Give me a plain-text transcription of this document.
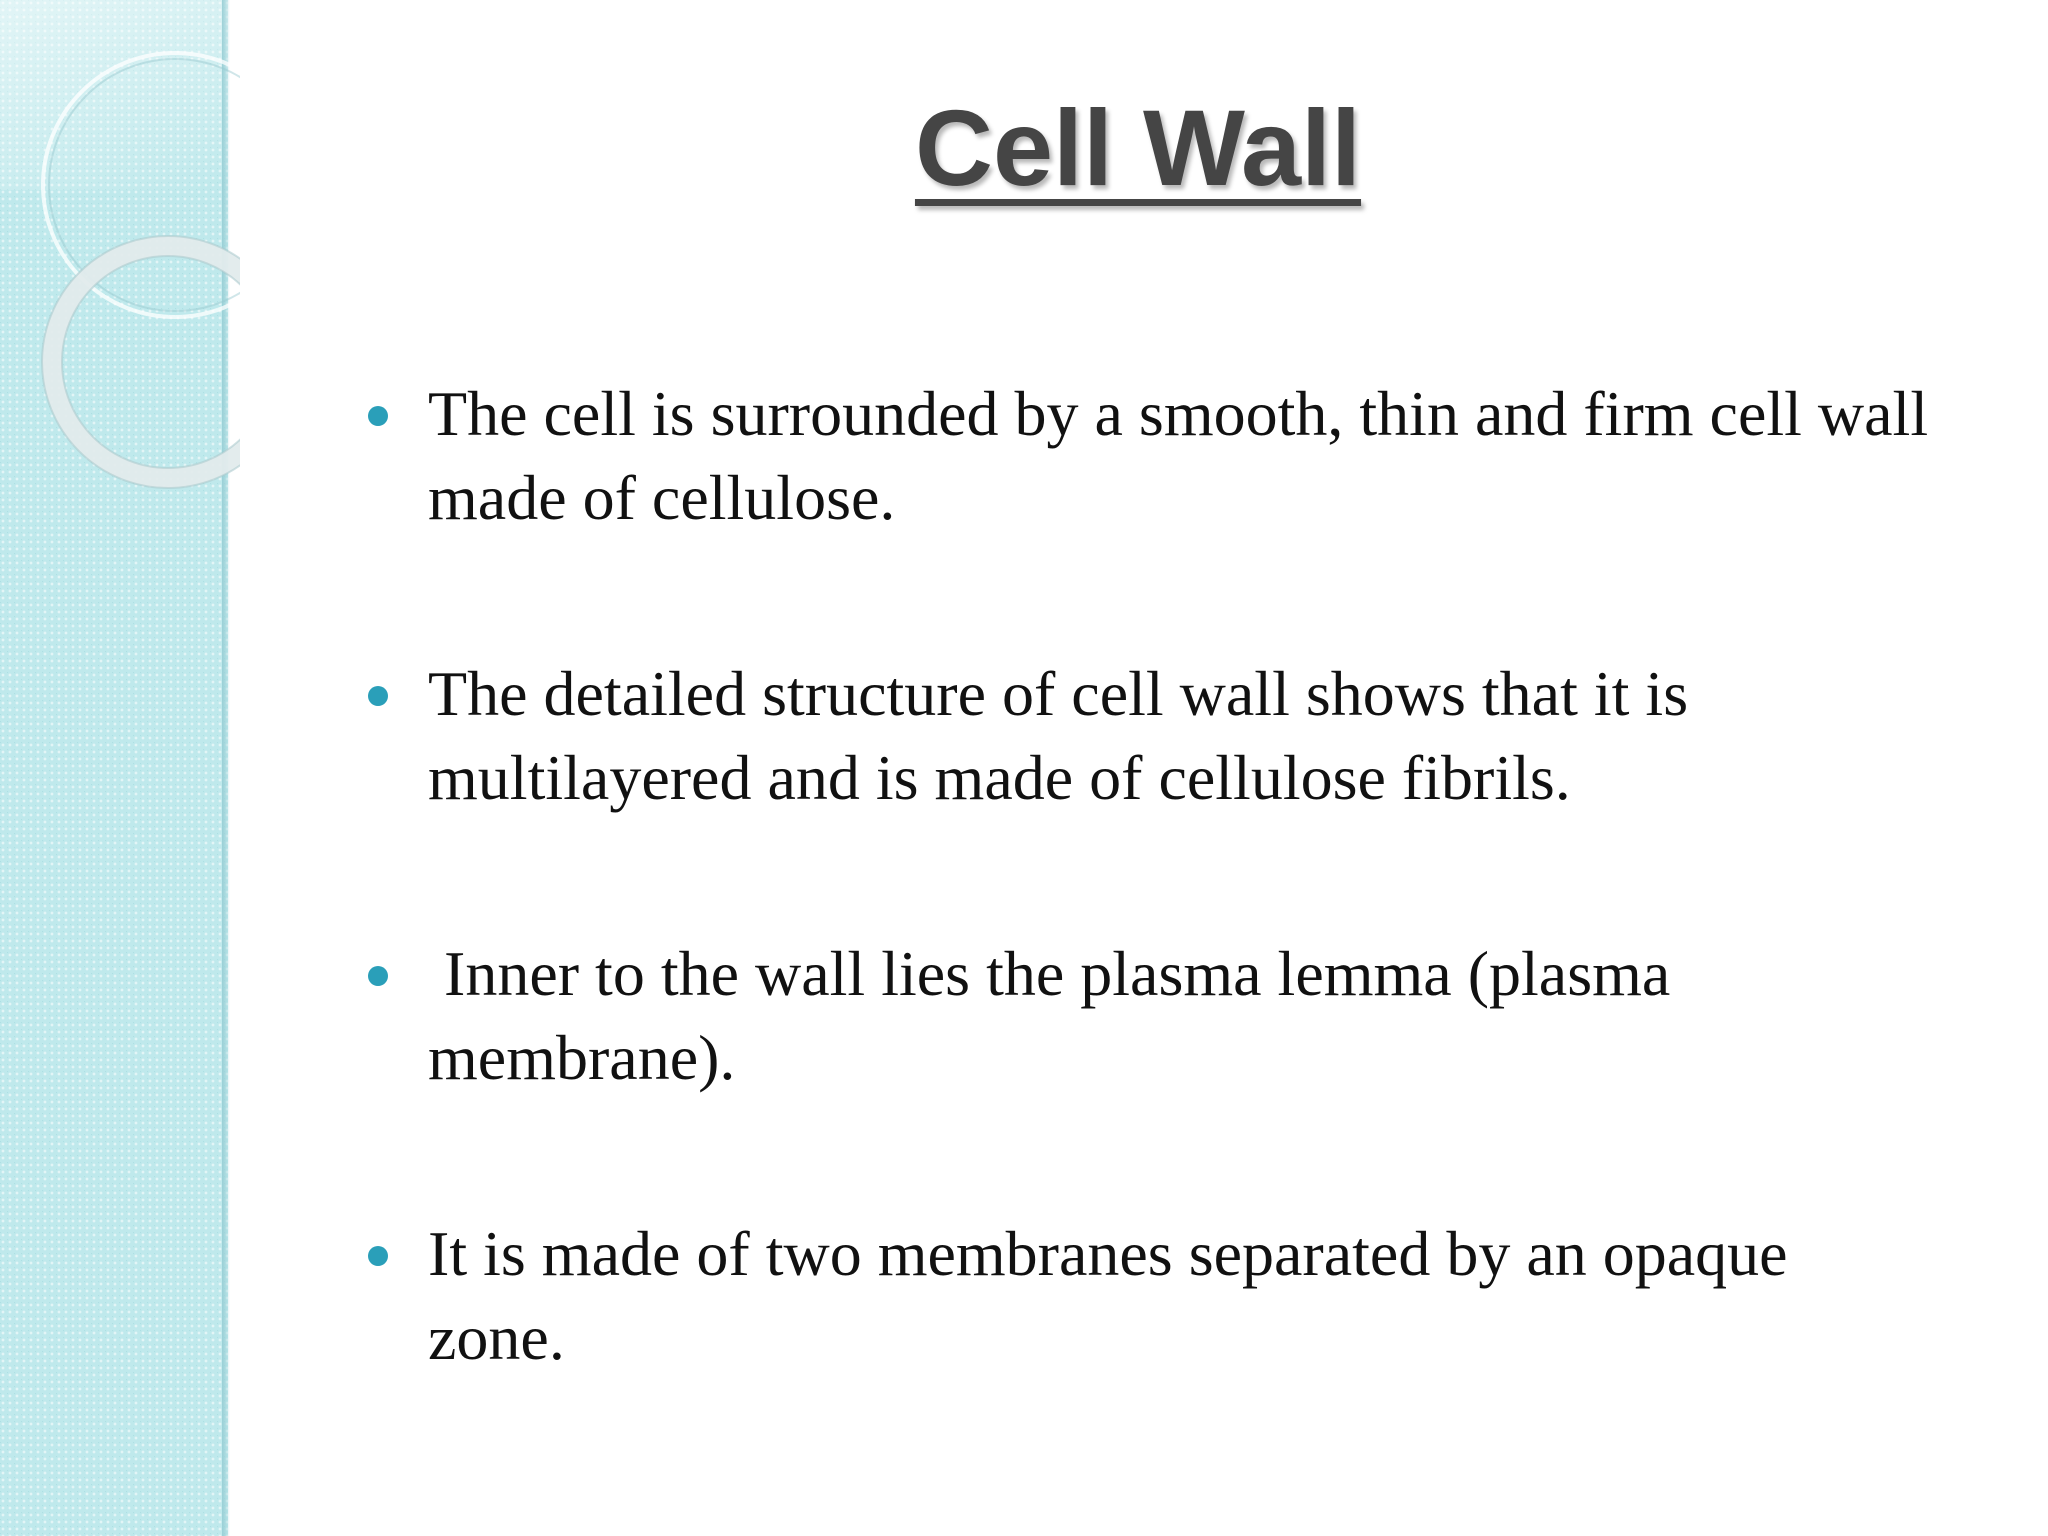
Cell Wall
The cell is surrounded by a smooth, thin and firm cell wall made of cellulose.
The detailed structure of cell wall shows that it is multilayered and is made of cellulose fibrils.
Inner to the wall lies the plasma lemma (plasma membrane).
It is made of two membranes separated by an opaque zone.
